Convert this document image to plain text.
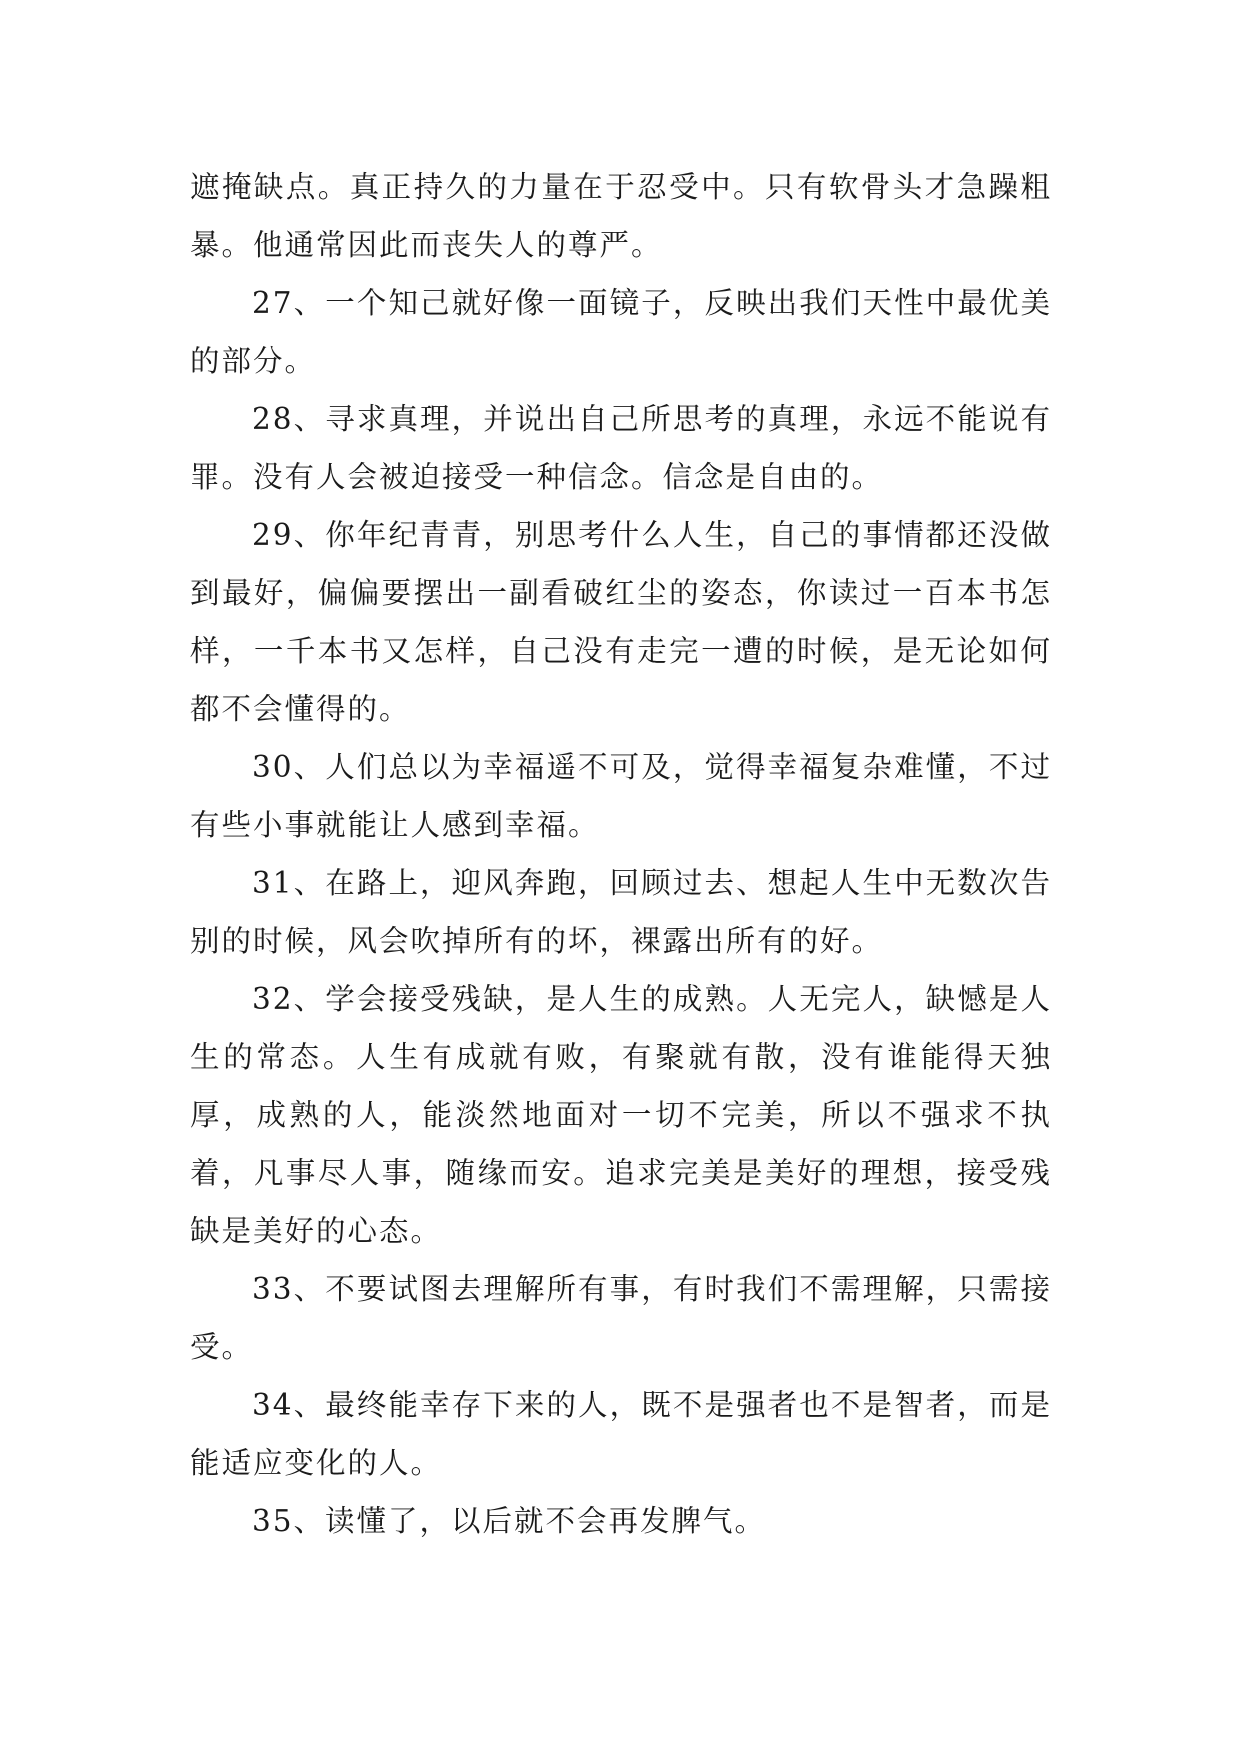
遮掩缺点。真正持久的力量在于忍受中。只有软骨头才急躁粗暴。他通常因此而丧失人的尊严。

27、一个知己就好像一面镜子，反映出我们天性中最优美的部分。

28、寻求真理，并说出自己所思考的真理，永远不能说有罪。没有人会被迫接受一种信念。信念是自由的。

29、你年纪青青，别思考什么人生，自己的事情都还没做到最好，偏偏要摆出一副看破红尘的姿态，你读过一百本书怎样，一千本书又怎样，自己没有走完一遭的时候，是无论如何都不会懂得的。

30、人们总以为幸福遥不可及，觉得幸福复杂难懂，不过有些小事就能让人感到幸福。

31、在路上，迎风奔跑，回顾过去、想起人生中无数次告别的时候，风会吹掉所有的坏，裸露出所有的好。

32、学会接受残缺，是人生的成熟。人无完人，缺憾是人生的常态。人生有成就有败，有聚就有散，没有谁能得天独厚，成熟的人，能淡然地面对一切不完美，所以不强求不执着，凡事尽人事，随缘而安。追求完美是美好的理想，接受残缺是美好的心态。

33、不要试图去理解所有事，有时我们不需理解，只需接受。

34、最终能幸存下来的人，既不是强者也不是智者，而是能适应变化的人。

35、读懂了，以后就不会再发脾气。
